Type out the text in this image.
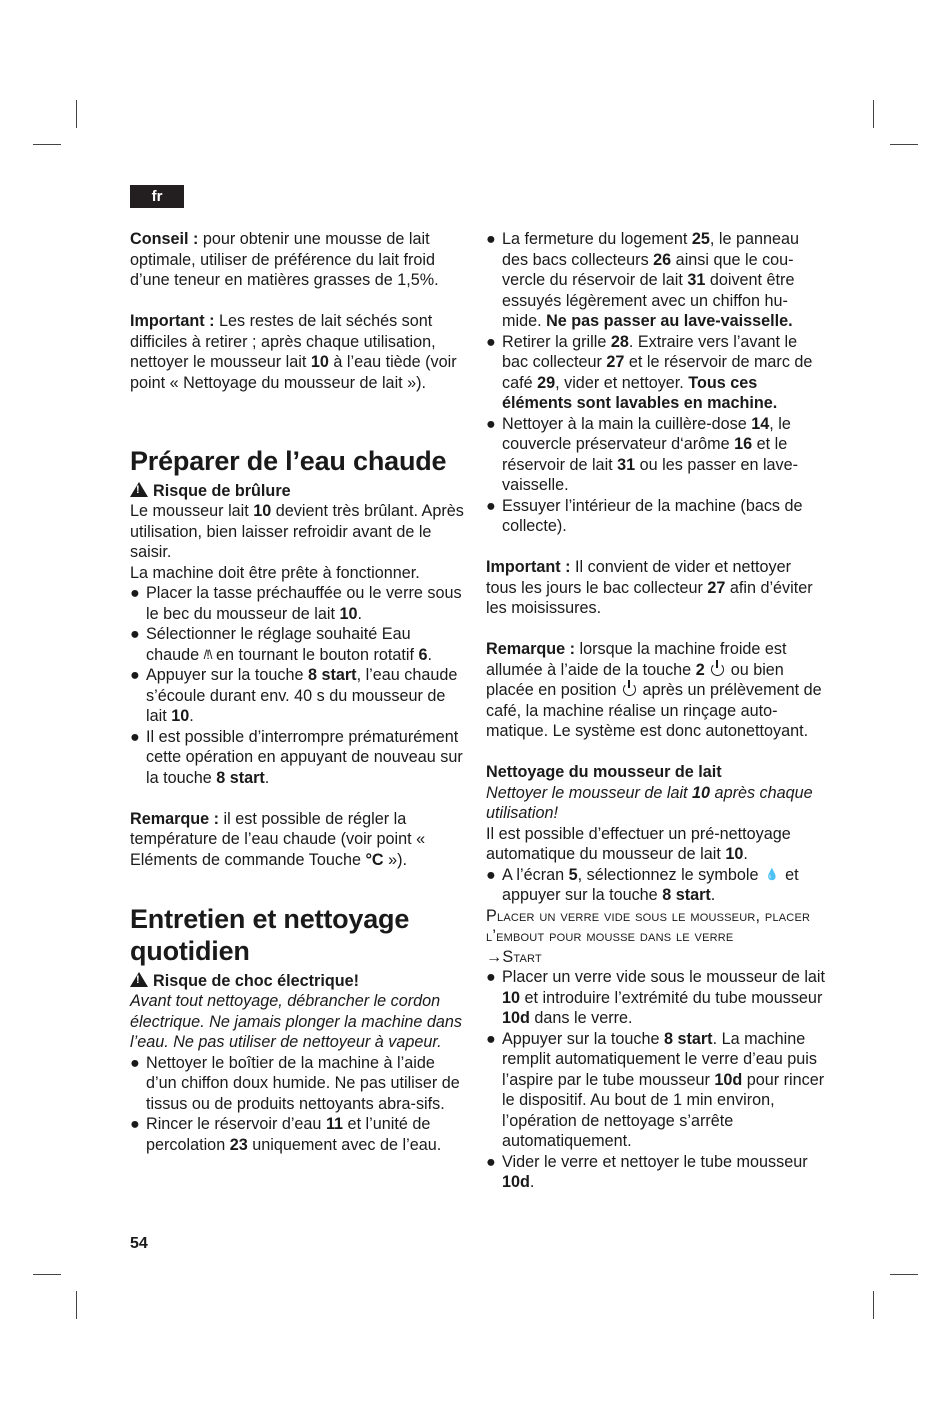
fr

Conseil : pour obtenir une mousse de lait optimale, utiliser de préférence du lait froid d’une teneur en matières grasses de 1,5%.

Important : Les restes de lait séchés sont difficiles à retirer ; après chaque utilisation, nettoyer le mousseur lait 10 à l’eau tiède (voir point « Nettoyage du mousseur de lait »).

Préparer de l’eau chaude

!Risque de brûlure

Le mousseur lait 10 devient très brûlant. Après utilisation, bien laisser refroidir avant de le saisir.

La machine doit être prête à fonctionner.

● Placer la tasse préchauffée ou le verre sous le bec du mousseur de lait 10.
● Sélectionner le réglage souhaité Eau chaude /!\ en tournant le bouton rotatif 6.
● Appuyer sur la touche 8 start, l’eau chaude s’écoule durant env. 40 s du mousseur de lait 10.
● Il est possible d’interrompre prématurément cette opération en appuyant de nouveau sur la touche 8 start.

Remarque : il est possible de régler la température de l’eau chaude (voir point « Eléments de commande Touche °C »).

Entretien et nettoyage quotidien

!Risque de choc électrique!

Avant tout nettoyage, débrancher le cordon électrique. Ne jamais plonger la machine dans l’eau. Ne pas utiliser de nettoyeur à vapeur.

● Nettoyer le boîtier de la machine à l’aide d’un chiffon doux humide. Ne pas utiliser de tissus ou de produits nettoyants abra-sifs.
● Rincer le réservoir d’eau 11 et l’unité de percolation 23 uniquement avec de l’eau.
● La fermeture du logement 25, le panneau des bacs collecteurs 26 ainsi que le cou-vercle du réservoir de lait 31 doivent être essuyés légèrement avec un chiffon hu-mide. Ne pas passer au lave-vaisselle.
● Retirer la grille 28. Extraire vers l’avant le bac collecteur 27 et le réservoir de marc de café 29, vider et nettoyer. Tous ces éléments sont lavables en machine.
● Nettoyer à la main la cuillère-dose 14, le couvercle préservateur d‘arôme 16 et le réservoir de lait 31 ou les passer en lave-vaisselle.
● Essuyer l’intérieur de la machine (bacs de collecte).

Important : Il convient de vider et nettoyer tous les jours le bac collecteur 27 afin d’éviter les moisissures.

Remarque : lorsque la machine froide est allumée à l’aide de la touche 2  ou bien placée en position  après un prélèvement de café, la machine réalise un rinçage auto-matique. Le système est donc autonettoyant.

Nettoyage du mousseur de lait

Nettoyer le mousseur de lait 10 après chaque utilisation!

Il est possible d’effectuer un pré-nettoyage automatique du mousseur de lait 10.

● A l’écran 5, sélectionnez le symbole 💧 et appuyer sur la touche 8 start.

Placer un verre vide sous le mousseur, placer l’embout pour mousse dans le verre

→Start

● Placer un verre vide sous le mousseur de lait 10 et introduire l’extrémité du tube mousseur 10d dans le verre.
● Appuyer sur la touche 8 start. La machine remplit automatiquement le verre d’eau puis l’aspire par le tube mousseur 10d pour rincer le dispositif. Au bout de 1 min environ, l’opération de nettoyage s’arrête automatiquement.
● Vider le verre et nettoyer le tube mousseur 10d.
54
